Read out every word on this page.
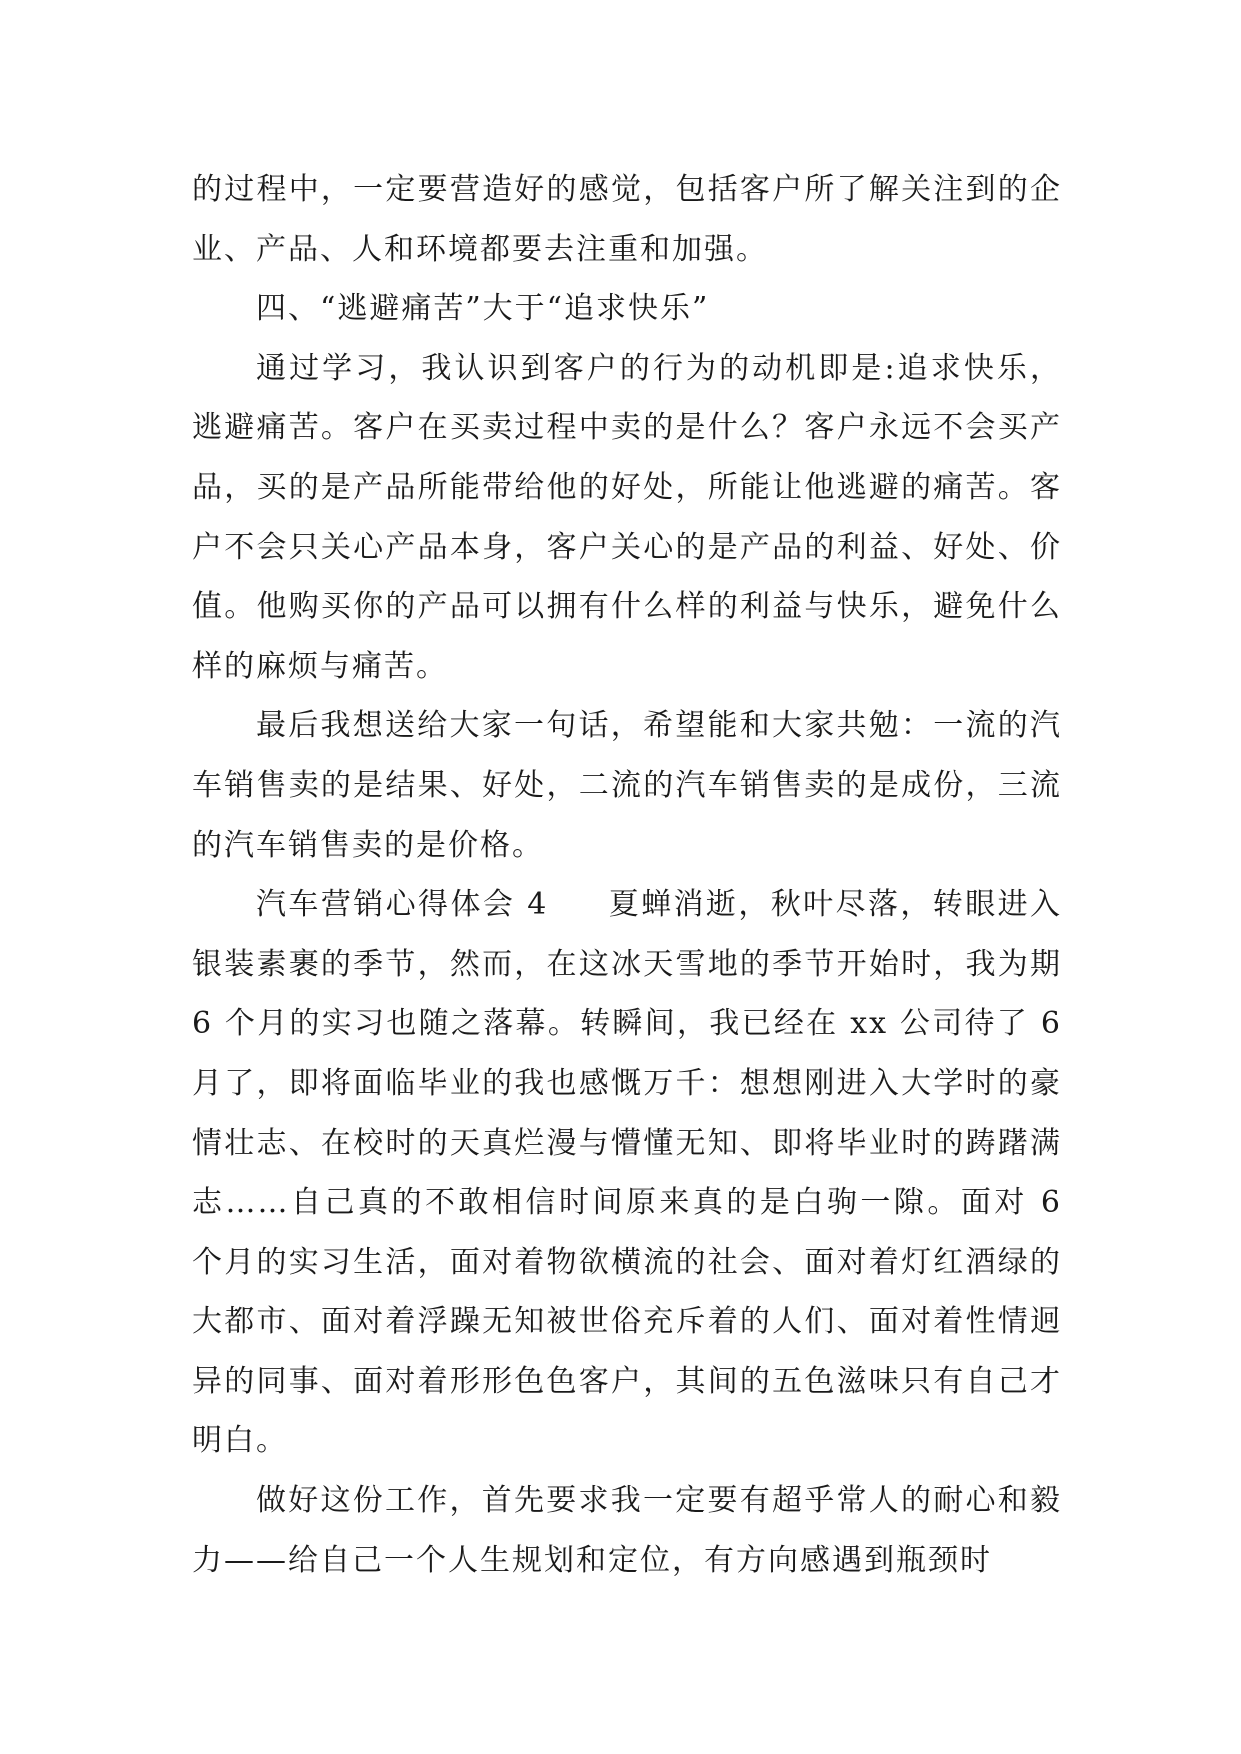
的过程中，一定要营造好的感觉，包括客户所了解关注到的企业、产品、人和环境都要去注重和加强。

四、“逃避痛苦”大于“追求快乐”

通过学习，我认识到客户的行为的动机即是:追求快乐，逃避痛苦。客户在买卖过程中卖的是什么？客户永远不会买产品，买的是产品所能带给他的好处，所能让他逃避的痛苦。客户不会只关心产品本身，客户关心的是产品的利益、好处、价值。他购买你的产品可以拥有什么样的利益与快乐，避免什么样的麻烦与痛苦。

最后我想送给大家一句话，希望能和大家共勉：一流的汽车销售卖的是结果、好处，二流的汽车销售卖的是成份，三流的汽车销售卖的是价格。

汽车营销心得体会 4 夏蝉消逝，秋叶尽落，转眼进入银装素裹的季节，然而，在这冰天雪地的季节开始时，我为期 6 个月的实习也随之落幕。转瞬间，我已经在 xx 公司待了 6 月了，即将面临毕业的我也感慨万千：想想刚进入大学时的豪情壮志、在校时的天真烂漫与懵懂无知、即将毕业时的踌躇满志……自己真的不敢相信时间原来真的是白驹一隙。面对 6 个月的实习生活，面对着物欲横流的社会、面对着灯红酒绿的大都市、面对着浮躁无知被世俗充斥着的人们、面对着性情迥异的同事、面对着形形色色客户，其间的五色滋味只有自己才明白。

做好这份工作，首先要求我一定要有超乎常人的耐心和毅力——给自己一个人生规划和定位，有方向感遇到瓶颈时
